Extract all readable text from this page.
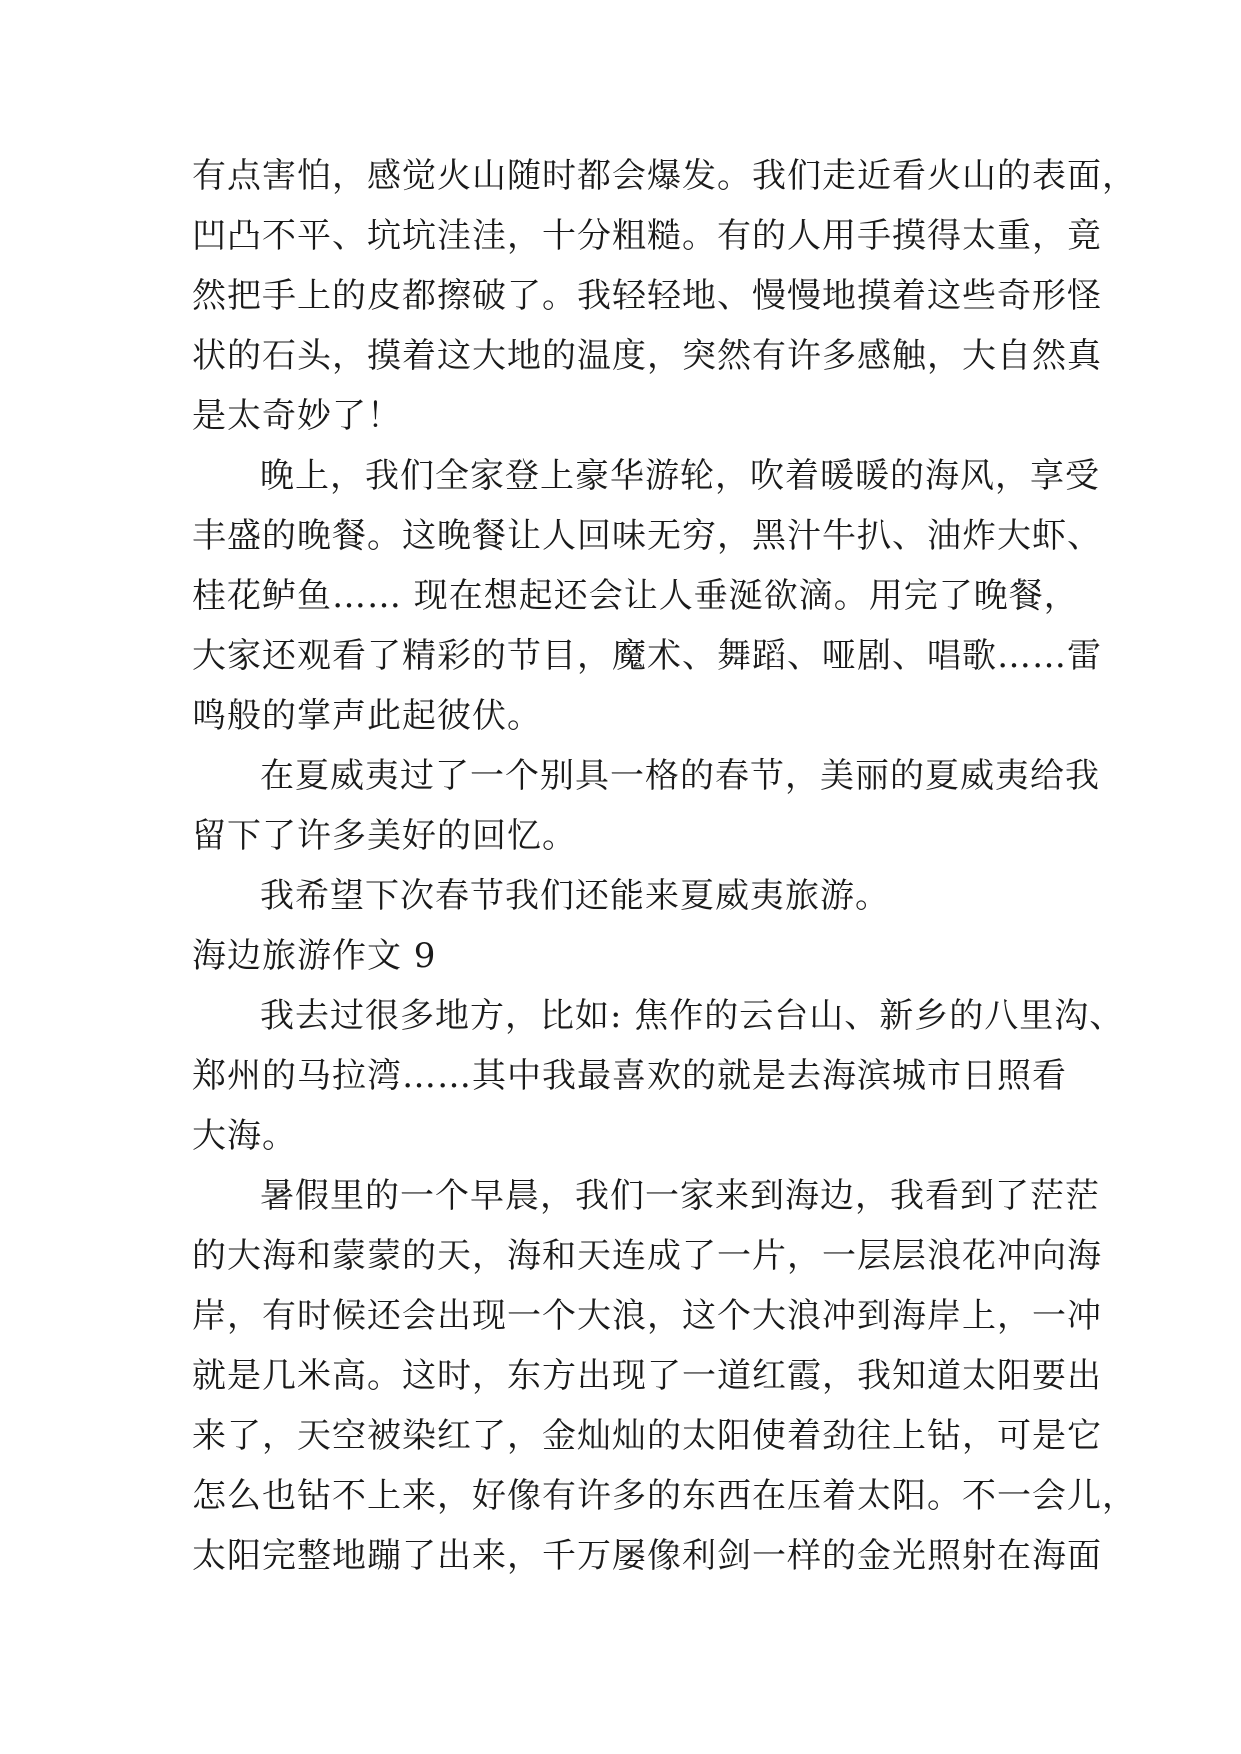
有点害怕，感觉火山随时都会爆发。我们走近看火山的表面，
凹凸不平、坑坑洼洼，十分粗糙。有的人用手摸得太重，竟
然把手上的皮都擦破了。我轻轻地、慢慢地摸着这些奇形怪
状的石头，摸着这大地的温度，突然有许多感触，大自然真
是太奇妙了！
晚上，我们全家登上豪华游轮，吹着暖暖的海风，享受
丰盛的晚餐。这晚餐让人回味无穷，黑汁牛扒、油炸大虾、
桂花鲈鱼…… 现在想起还会让人垂涎欲滴。用完了晚餐，
大家还观看了精彩的节目，魔术、舞蹈、哑剧、唱歌……雷
鸣般的掌声此起彼伏。
在夏威夷过了一个别具一格的春节，美丽的夏威夷给我
留下了许多美好的回忆。
我希望下次春节我们还能来夏威夷旅游。
海边旅游作文 9
我去过很多地方，比如: 焦作的云台山、新乡的八里沟、
郑州的马拉湾……其中我最喜欢的就是去海滨城市日照看
大海。
暑假里的一个早晨，我们一家来到海边，我看到了茫茫
的大海和蒙蒙的天，海和天连成了一片，一层层浪花冲向海
岸，有时候还会出现一个大浪，这个大浪冲到海岸上，一冲
就是几米高。这时，东方出现了一道红霞，我知道太阳要出
来了，天空被染红了，金灿灿的太阳使着劲往上钻，可是它
怎么也钻不上来，好像有许多的东西在压着太阳。不一会儿，
太阳完整地蹦了出来，千万屡像利剑一样的金光照射在海面
